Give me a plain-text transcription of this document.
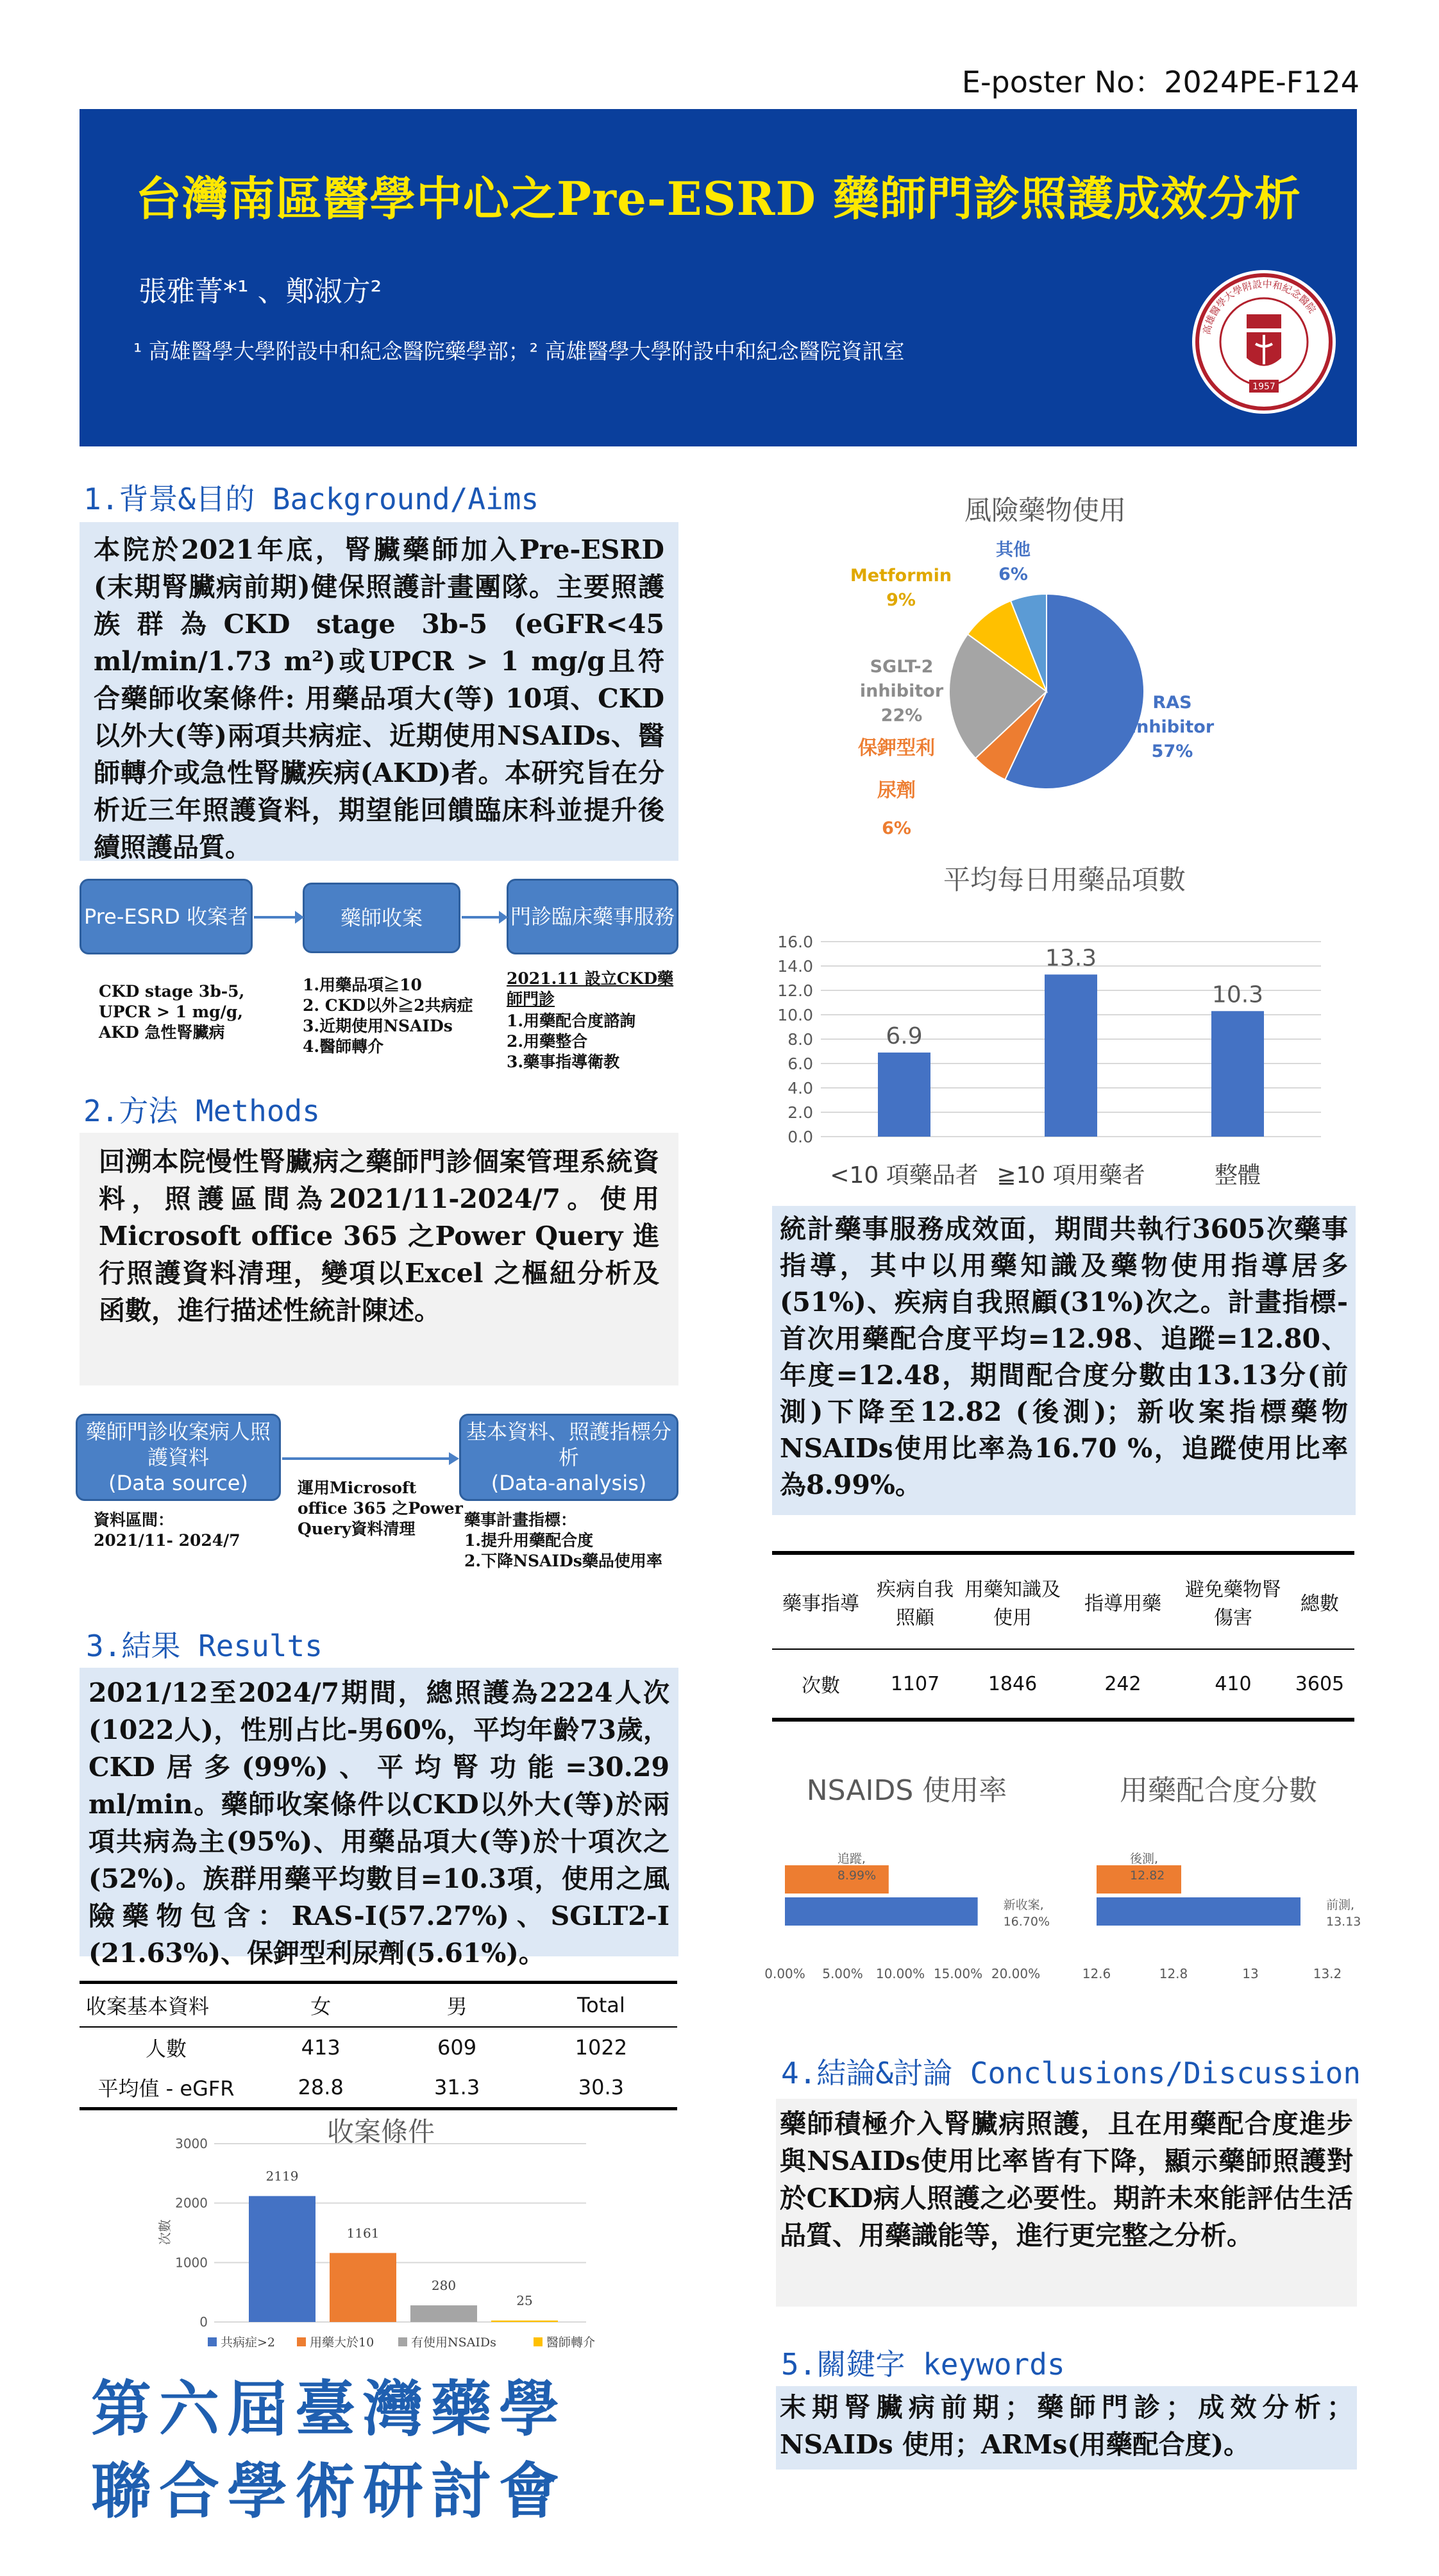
E-poster No：2024PE-F124
台灣南區醫學中心之Pre-ESRD 藥師門診照護成效分析
張雅菁*¹ 、鄭淑方²
¹ 高雄醫學大學附設中和紀念醫院藥學部；² 高雄醫學大學附設中和紀念醫院資訊室
高雄醫學大學附設中和紀念醫院
1957
1.背景&目的 Background/Aims
本院於2021年底，腎臟藥師加入Pre-ESRD (末期腎臟病前期)健保照護計畫團隊。主要照護族群為CKD stage 3b-5 (eGFR<45 ml/min/1.73 m²)或UPCR > 1 mg/g且符合藥師收案條件: 用藥品項大(等) 10項、CKD以外大(等)兩項共病症、近期使用NSAIDs、醫師轉介或急性腎臟疾病(AKD)者。本研究旨在分析近三年照護資料，期望能回饋臨床科並提升後續照護品質。
Pre-ESRD 收案者	藥師收案	門診臨床藥事服務
CKD stage 3b-5,
UPCR > 1 mg/g,
AKD 急性腎臟病
1.用藥品項≧10
2. CKD以外≧2共病症
3.近期使用NSAIDs
4.醫師轉介
2021.11 設立CKD藥師門診
1.用藥配合度諮詢
2.用藥整合
3.藥事指導衛教
2.方法 Methods
回溯本院慢性腎臟病之藥師門診個案管理系統資料，照護區間為2021/11-2024/7。使用Microsoft office 365 之Power Query 進行照護資料清理，變項以Excel 之樞紐分析及函數，進行描述性統計陳述。
藥師門診收案病人照護資料
(Data source)
基本資料、照護指標分析
(Data-analysis)
運用Microsoft
office 365 之Power
Query資料清理
資料區間：
2021/11- 2024/7
藥事計畫指標：
1.提升用藥配合度
2.下降NSAIDs藥品使用率
3.結果 Results
2021/12至2024/7期間，總照護為2224人次(1022人)，性別占比-男60%，平均年齡73歲，CKD居多(99%)、平均腎功能=30.29 ml/min。藥師收案條件以CKD以外大(等)於兩項共病為主(95%)、用藥品項大(等)於十項次之(52%)。族群用藥平均數目=10.3項，使用之風險藥物包含：RAS-I(57.27%)、SGLT2-I (21.63%)、保鉀型利尿劑(5.61%)。
收案基本資料	女	男	Total
人數	413	609	1022
平均值 - eGFR	28.8	31.3	30.3
收案條件
0
1000
2000
3000
次數
2119
1161
280
25
共病症>2	用藥大於10	有使用NSAIDs	醫師轉介
第六屆臺灣藥學
聯合學術研討會
風險藥物使用
RAS inhibitor
57%
保鉀型利
尿劑
6%
SGLT-2 inhibitor
22%
Metformin
9%
其他
6%
平均每日用藥品項數
0.0
2.0
4.0
6.0
8.0
10.0
12.0
14.0
16.0
6.9
<10 項藥品者
13.3
≧10 項用藥者
10.3
整體
統計藥事服務成效面，期間共執行3605次藥事指導，其中以用藥知識及藥物使用指導居多(51%)、疾病自我照顧(31%)次之。計畫指標-首次用藥配合度平均=12.98、追蹤=12.80、年度=12.48，期間配合度分數由13.13分(前測)下降至12.82 (後測)；新收案指標藥物NSAIDs使用比率為16.70 %，追蹤使用比率為8.99%。
藥事指導	疾病自我照顧	用藥知識及使用	指導用藥	避免藥物腎傷害	總數
次數	1107	1846	242	410	3605
NSAIDS 使用率
追蹤, 8.99%
新收案, 16.70%
0.00% 5.00% 10.00% 15.00% 20.00%
用藥配合度分數
後測, 12.82
前測, 13.13
12.6	12.8	13	13.2
4.結論&討論 Conclusions/Discussion
藥師積極介入腎臟病照護，且在用藥配合度進步與NSAIDs使用比率皆有下降，顯示藥師照護對於CKD病人照護之必要性。期許未來能評估生活品質、用藥識能等，進行更完整之分析。
5.關鍵字 keywords
末期腎臟病前期；藥師門診；成效分析；NSAIDs 使用；ARMs(用藥配合度)。
